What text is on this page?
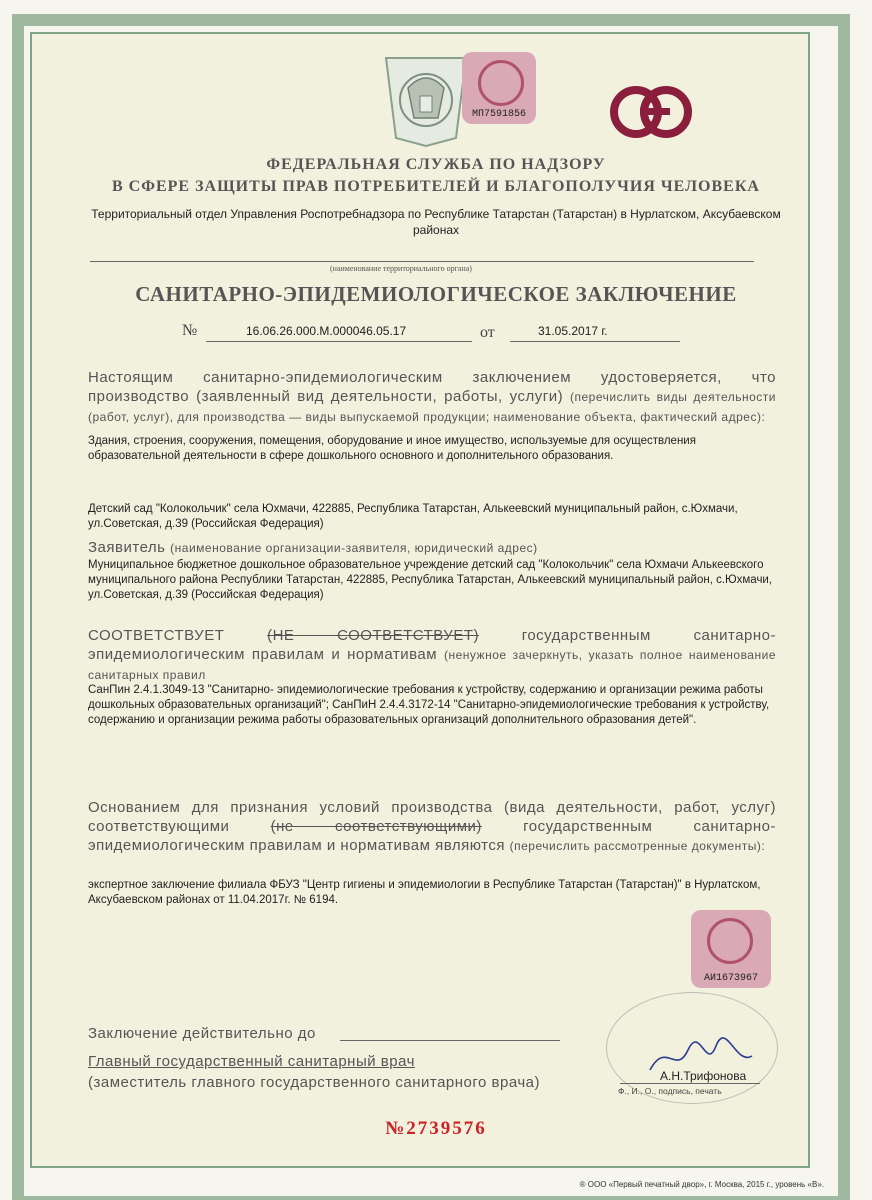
МП7591856
ФЕДЕРАЛЬНАЯ СЛУЖБА ПО НАДЗОРУ
В СФЕРЕ ЗАЩИТЫ ПРАВ ПОТРЕБИТЕЛЕЙ И БЛАГОПОЛУЧИЯ ЧЕЛОВЕКА
Территориальный отдел Управления Роспотребнадзора по Республике Татарстан (Татарстан) в Нурлатском, Аксубаевском районах
(наименование территориального органа)
САНИТАРНО-ЭПИДЕМИОЛОГИЧЕСКОЕ ЗАКЛЮЧЕНИЕ
№	16.06.26.000.М.000046.05.17	от	31.05.2017 г.
Настоящим санитарно-эпидемиологическим заключением удостоверяется, что производство (заявленный вид деятельности, работы, услуги) (перечислить виды деятельности (работ, услуг), для производства — виды выпускаемой продукции; наименование объекта, фактический адрес):
Здания, строения, сооружения, помещения, оборудование и иное имущество, используемые для осуществления образовательной деятельности в сфере дошкольного основного и дополнительного образования.
Детский сад "Колокольчик" села Юхмачи, 422885, Республика Татарстан, Алькеевский муниципальный район, с.Юхмачи, ул.Советская, д.39 (Российская Федерация)
Заявитель (наименование организации-заявителя, юридический адрес)
Муниципальное бюджетное дошкольное образовательное учреждение детский сад "Колокольчик" села Юхмачи Алькеевского муниципального района Республики Татарстан, 422885, Республика Татарстан, Алькеевский муниципальный район, с.Юхмачи, ул.Советская, д.39 (Российская Федерация)
СООТВЕТСТВУЕТ	(НЕ СООТВЕТСТВУЕТ)	государственным санитарно-эпидемиологическим правилам и нормативам (ненужное зачеркнуть, указать полное наименование санитарных правил
СанПин 2.4.1.3049-13 "Санитарно- эпидемиологические требования к устройству, содержанию и организации режима работы дошкольных образовательных организаций"; СанПиН 2.4.4.3172-14 "Санитарно-эпидемиологические требования к устройству, содержанию и организации режима работы образовательных организаций дополнительного образования детей".
Основанием для признания условий производства (вида деятельности, работ, услуг) соответствующими	(не соответствующими)	государственным санитарно-эпидемиологическим правилам и нормативам являются (перечислить рассмотренные документы):
экспертное заключение филиала ФБУЗ "Центр гигиены и эпидемиологии в Республике Татарстан (Татарстан)" в Нурлатском, Аксубаевском районах от 11.04.2017г. № 6194.
АИ1673967
Заключение действительно до
Главный государственный санитарный врач
(заместитель главного государственного санитарного врача)	А.Н.Трифонова
Ф., И., О., подпись, печать
№2739576
® ООО «Первый печатный двор», г. Москва, 2015 г., уровень «В».
